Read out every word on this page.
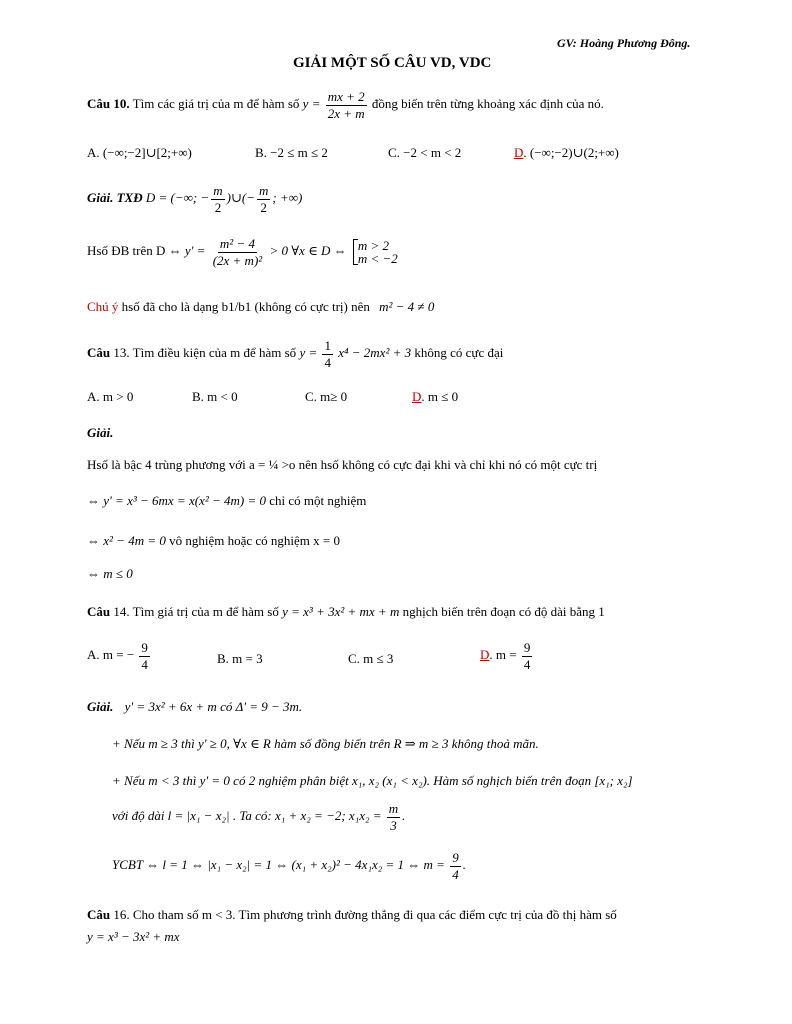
GV: Hoàng Phương Đông.
GIẢI MỘT SỐ CÂU VD, VDC
Câu 10. Tìm các giá trị của m để hàm số $y = \frac{mx + 2}{2x + m}$ đồng biến trên từng khoảng xác định của nó.
A. (−∞;−2]∪[2;+∞)	B. −2 ≤ m ≤ 2	C. −2 < m < 2	D. (−∞;−2)∪(2;+∞)
Giải. TXĐ D = (−∞; − $\frac{m}{2}$ )∪(− $\frac{m}{2}$ ; +∞)
Hsố ĐB trên D ⇔ $y' = \frac{\text{m² − 4}}{\text{(2x + m)²}} > 0$ ∀x ∈ D ⇔ m > 2
m < −2
Chú ý hsố đã cho là dạng b1/b1 (không có cực trị) nên m² − 4 ≠ 0
Câu 13. Tìm điều kiện của m để hàm số $y = \frac{1}{4} x^4 - 2mx^2 + 3$ không có cực đại
A. m > 0	B. m < 0	C. m≥ 0	D. m ≤ 0
Giải.
Hsố là bậc 4 trùng phương với a = ¼ >o nên hsố không có cực đại khi và chỉ khi nó có một cực trị
⇔ y' = x³ − 6mx = x(x² − 4m) = 0 chỉ có một nghiệm
⇔ x² − 4m = 0 vô nghiệm hoặc có nghiệm x = 0
⇔ m ≤ 0
Câu 14. Tìm giá trị của m để hàm số y = x³ + 3x² + mx + m nghịch biến trên đoạn có độ dài bằng 1
A. m = − $\frac{9}{4}$	B. m = 3	C. m ≤ 3	D. $m = \frac{9}{4}$
Giải. y' = 3x² + 6x + m có Δ' = 9 − 3m.
+ Nếu m ≥ 3 thì y' ≥ 0, ∀x ∈ R hàm số đồng biến trên R ⇒ m ≥ 3 không thoả mãn.
+ Nếu m < 3 thì y' = 0 có 2 nghiệm phân biệt x₁, x₂ (x₁ < x₂). Hàm số nghịch biến trên đoạn [x₁; x₂]
với độ dài l = |x₁ − x₂| . Ta có: x₁ + x₂ = −2; $x_1x_2 = \frac{m}{3}$ .
YCBT ⇔ l = 1 ⇔ |x₁ − x₂| = 1 ⇔ (x₁ + x₂)² − 4x₁x₂ = 1 ⇔ $m = \frac{9}{4}$ .
Câu 16. Cho tham số m < 3. Tìm phương trình đường thẳng đi qua các điểm cực trị của đồ thị hàm số
y = x³ − 3x² + mx
